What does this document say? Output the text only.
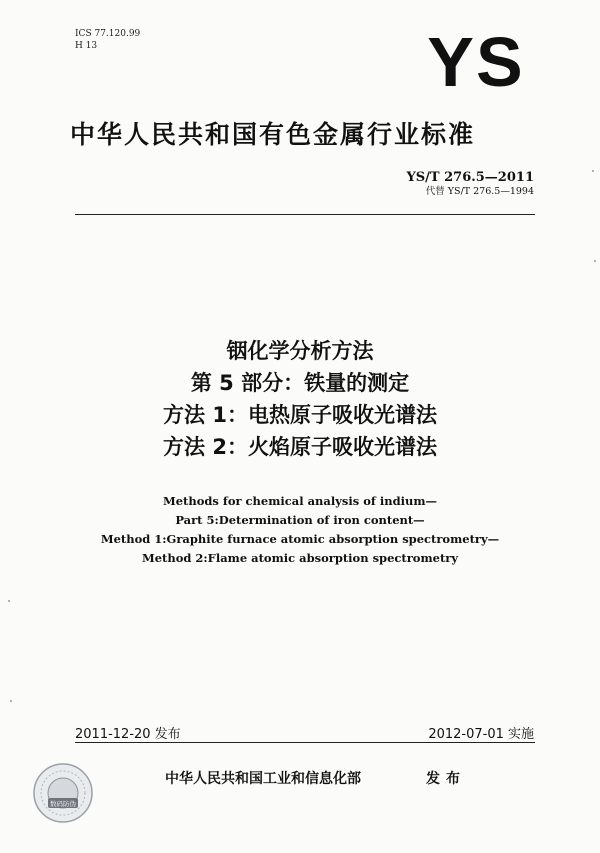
ICS 77.120.99
H 13	YS
中华人民共和国有色金属行业标准
YS/T 276.5—2011
代替 YS/T 276.5—1994
铟化学分析方法
第 5 部分：铁量的测定
方法 1：电热原子吸收光谱法
方法 2：火焰原子吸收光谱法
Methods for chemical analysis of indium—
Part 5:Determination of iron content—
Method 1:Graphite furnace atomic absorption spectrometry—
Method 2:Flame atomic absorption spectrometry
2011-12-20 发布	2012-07-01 实施
数码防伪
中华人民共和国工业和信息化部	发布
